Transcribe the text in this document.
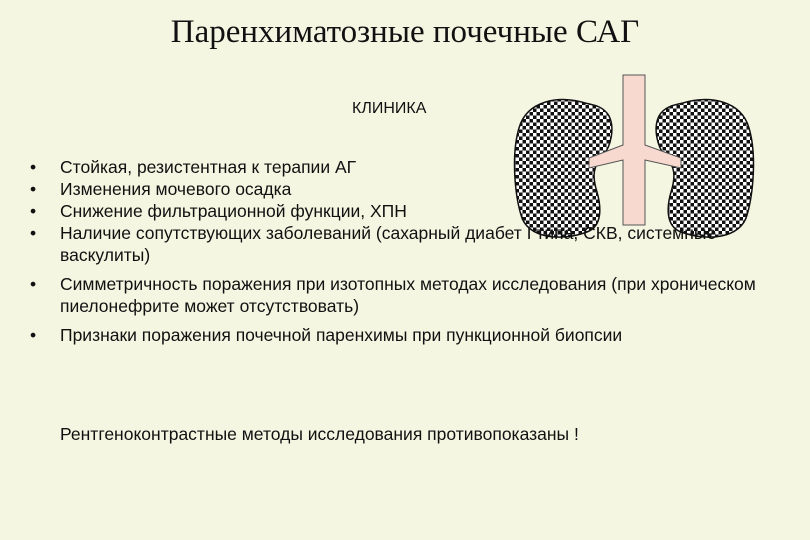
Паренхиматозные почечные САГ
КЛИНИКА
• Стойкая, резистентная к терапии АГ
• Изменения мочевого осадка
• Снижение фильтрационной функции, ХПН
• Наличие сопутствующих заболеваний (сахарный диабет I типа, СКВ, системные васкулиты)
• Симметричность поражения при изотопных методах исследования (при хроническом пиелонефрите может отсутствовать)
• Признаки поражения почечной паренхимы при пункционной биопсии
Рентгеноконтрастные методы исследования противопоказаны !
